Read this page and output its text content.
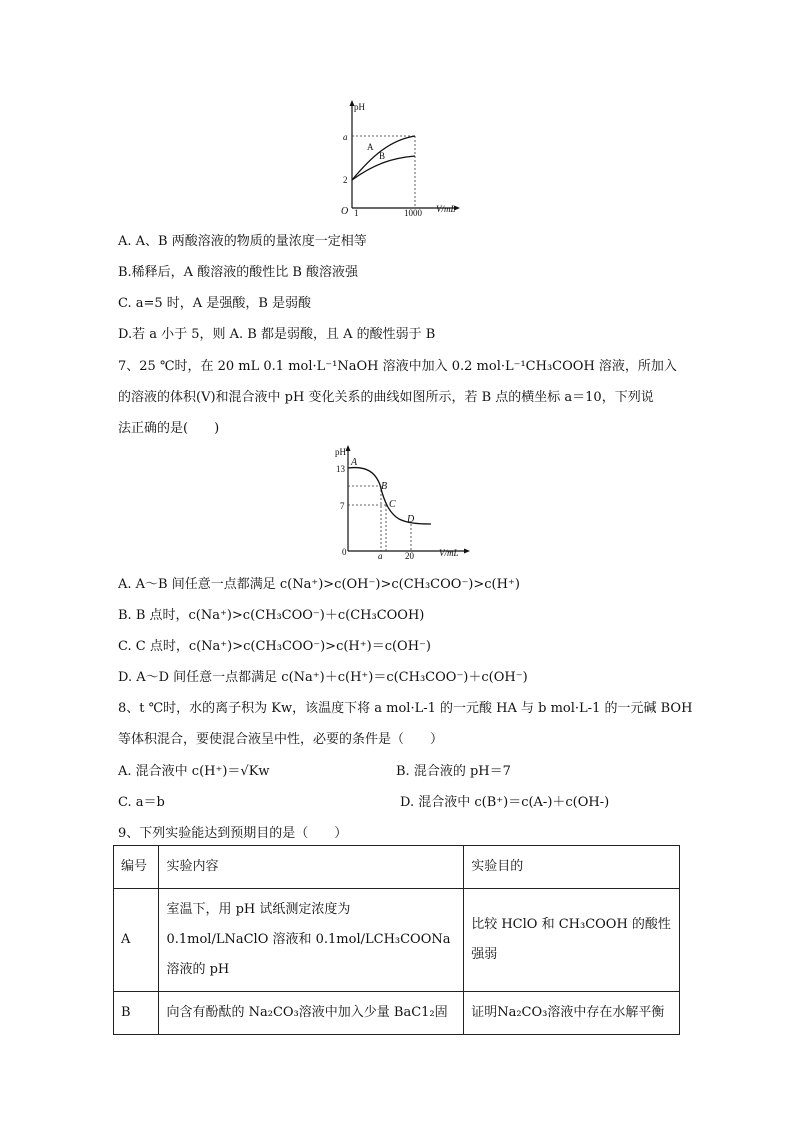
pH
V/mL
O 1	1000
a
2
A
B
A. A、B 两酸溶液的物质的量浓度一定相等
B.稀释后，A 酸溶液的酸性比 B 酸溶液强
C. a=5 时，A 是强酸，B 是弱酸
D.若 a 小于 5，则 A. B 都是弱酸，且 A 的酸性弱于 B
7、25 ℃时，在 20 mL 0.1 mol·L⁻¹NaOH 溶液中加入 0.2 mol·L⁻¹CH₃COOH 溶液，所加入
的溶液的体积(V)和混合液中 pH 变化关系的曲线如图所示，若 B 点的横坐标 a＝10，下列说
法正确的是(　　)
pH
V/mL
0
13
7
a	20
A
B
C
D
A. A～B 间任意一点都满足 c(Na⁺)>c(OH⁻)>c(CH₃COO⁻)>c(H⁺)
B. B 点时，c(Na⁺)>c(CH₃COO⁻)＋c(CH₃COOH)
C. C 点时，c(Na⁺)>c(CH₃COO⁻)>c(H⁺)＝c(OH⁻)
D. A～D 间任意一点都满足 c(Na⁺)＋c(H⁺)＝c(CH₃COO⁻)＋c(OH⁻)
8、t ℃时，水的离子积为 Kw，该温度下将 a mol·L-1 的一元酸 HA 与 b mol·L-1 的一元碱 BOH
等体积混合，要使混合液呈中性，必要的条件是（　　）
A. 混合液中 c(H⁺)＝√Kw	B. 混合液的 pH＝7
C. a＝b	D. 混合液中 c(B⁺)＝c(A-)＋c(OH-)
9、下列实验能达到预期目的是（　　）
编号	实验内容	实验目的
A	室温下，用 pH 试纸测定浓度为 0.1mol/LNaClO 溶液和 0.1mol/LCH₃COONa 溶液的 pH	比较 HClO 和 CH₃COOH 的酸性强弱
B	向含有酚酞的 Na₂CO₃溶液中加入少量 BaC1₂固	证明Na₂CO₃溶液中存在水解平衡
